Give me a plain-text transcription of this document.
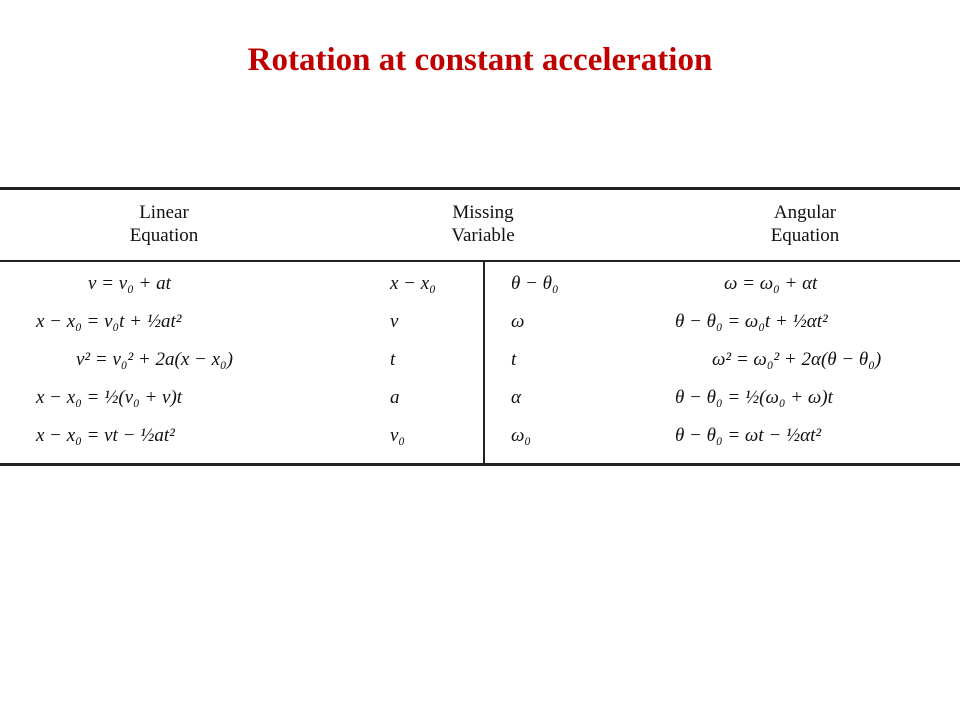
Rotation at constant acceleration
Linear
Equation
Missing
Variable
Angular
Equation
v = v₀ + at	x − x₀	θ − θ₀	ω = ω₀ + αt
x − x₀ = v₀t + ½at²	v	ω	θ − θ₀ = ω₀t + ½αt²
v² = v₀² + 2a(x − x₀)	t	t	ω² = ω₀² + 2α(θ − θ₀)
x − x₀ = ½(v₀ + v)t	a	α	θ − θ₀ = ½(ω₀ + ω)t
x − x₀ = vt − ½at²	v₀	ω₀	θ − θ₀ = ωt − ½αt²
